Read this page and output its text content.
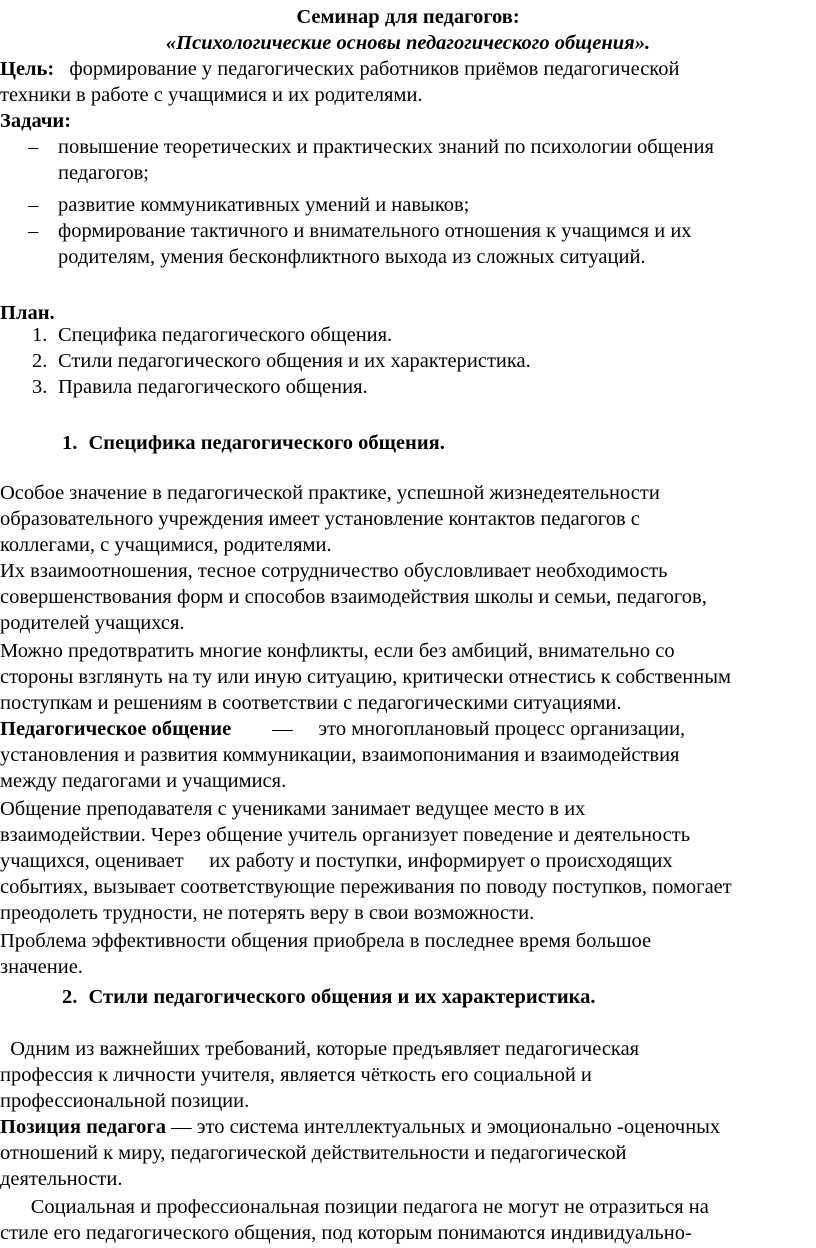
Семинар для педагогов:
«Психологические основы педагогического общения».
Цель: формирование у педагогических работников приёмов педагогической
техники в работе с учащимися и их родителями.
Задачи:
– повышение теоретических и практических знаний по психологии общения
педагогов;
– развитие коммуникативных умений и навыков;
– формирование тактичного и внимательного отношения к учащимся и их
родителям, умения бесконфликтного выхода из сложных ситуаций.
План.
1. Специфика педагогического общения.
2. Стили педагогического общения и их характеристика.
3. Правила педагогического общения.
1. Специфика педагогического общения.
Особое значение в педагогической практике, успешной жизнедеятельности
образовательного учреждения имеет установление контактов педагогов с
коллегами, с учащимися, родителями.
Их взаимоотношения, тесное сотрудничество обусловливает необходимость
совершенствования форм и способов взаимодействия школы и семьи, педагогов,
родителей учащихся.
Можно предотвратить многие конфликты, если без амбиций, внимательно со
стороны взглянуть на ту или иную ситуацию, критически отнестись к собственным
поступкам и решениям в соответствии с педагогическими ситуациями.
Педагогическое общение        —     это многоплановый процесс организации,
установления и развития коммуникации, взаимопонимания и взаимодействия
между педагогами и учащимися.
Общение преподавателя с учениками занимает ведущее место в их
взаимодействии. Через общение учитель организует поведение и деятельность
учащихся, оценивает     их работу и поступки, информирует о происходящих
событиях, вызывает соответствующие переживания по поводу поступков, помогает
преодолеть трудности, не потерять веру в свои возможности.
Проблема эффективности общения приобрела в последнее время большое
значение.
2. Стили педагогического общения и их характеристика.
Одним из важнейших требований, которые предъявляет педагогическая
профессия к личности учителя, является чёткость его социальной и
профессиональной позиции.
Позиция педагога — это система интеллектуальных и эмоционально -оценочных
отношений к миру, педагогической действительности и педагогической
деятельности.
Социальная и профессиональная позиции педагога не могут не отразиться на
стиле его педагогического общения, под которым понимаются индивидуально-
